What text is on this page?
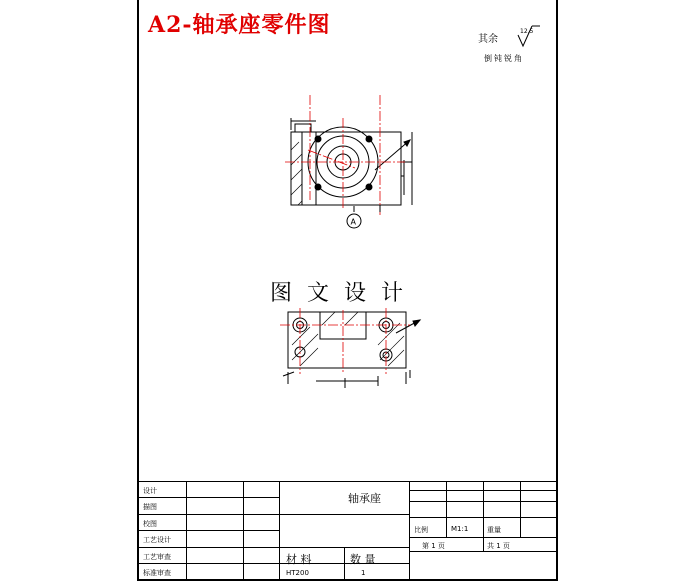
A2-轴承座零件图
其余
12.5
A
倒钝锐角
图 文 设 计
设计
描图
校图
工艺设计
工艺审查
标准审查
轴承座
材 料	数 量
HT200	1
比例	M1:1	重量
第 1 页	共 1 页
